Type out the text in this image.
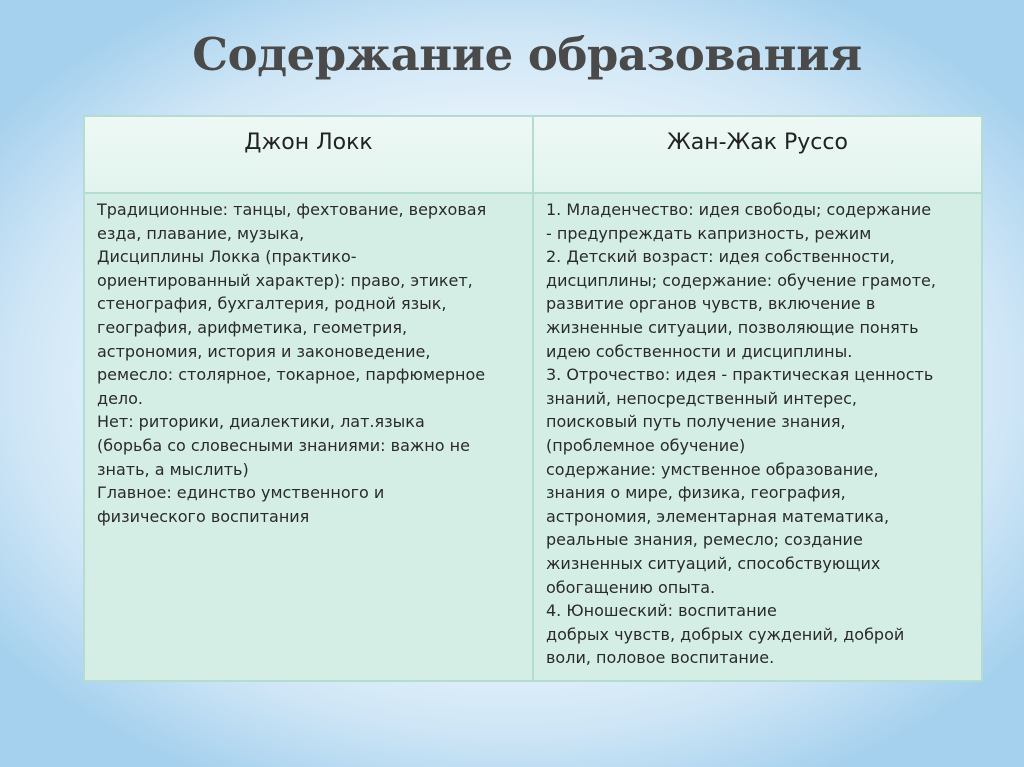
Содержание образования
Джон Локк	Жан-Жак Руссо
Традиционные: танцы, фехтование, верховая
езда, плавание, музыка,
Дисциплины Локка (практико-
ориентированный характер): право, этикет,
стенография, бухгалтерия, родной язык,
география, арифметика, геометрия,
астрономия, история и законоведение,
ремесло: столярное, токарное, парфюмерное
дело.
Нет: риторики, диалектики, лат.языка
(борьба со словесными знаниями: важно не
знать, а мыслить)
Главное: единство умственного и
физического воспитания
1. Младенчество: идея свободы; содержание
- предупреждать капризность, режим
2. Детский возраст: идея собственности,
дисциплины; содержание: обучение грамоте,
развитие органов чувств, включение в
жизненные ситуации, позволяющие понять
идею собственности и дисциплины.
3. Отрочество: идея - практическая ценность
знаний, непосредственный интерес,
поисковый путь получение знания,
(проблемное обучение)
содержание: умственное образование,
знания о мире, физика, география,
астрономия, элементарная математика,
реальные знания, ремесло; создание
жизненных ситуаций, способствующих
обогащению опыта.
4. Юношеский: воспитание
добрых чувств, добрых суждений, доброй
воли, половое воспитание.
